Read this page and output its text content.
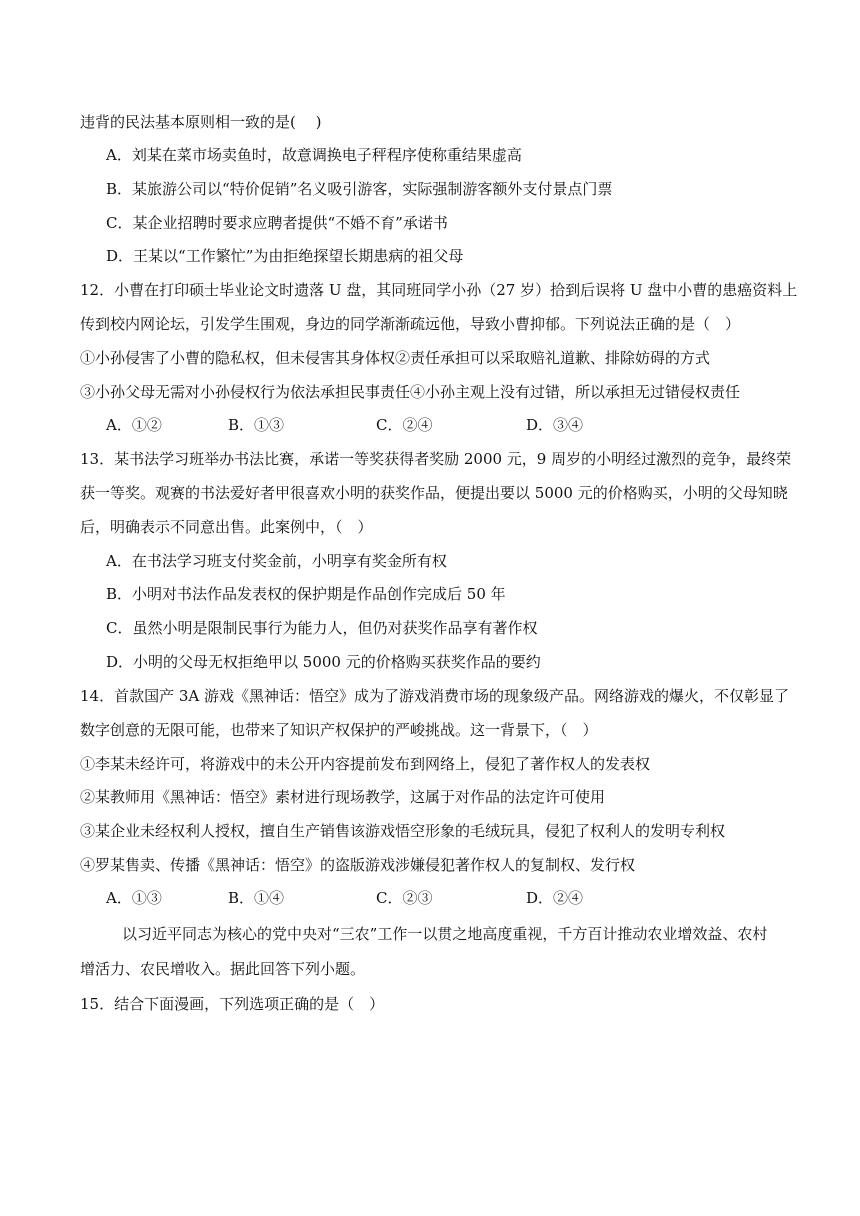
违背的民法基本原则相一致的是(　 )
A．刘某在菜市场卖鱼时，故意调换电子秤程序使称重结果虚高
B．某旅游公司以“特价促销”名义吸引游客，实际强制游客额外支付景点门票
C．某企业招聘时要求应聘者提供“不婚不育”承诺书
D．王某以“工作繁忙”为由拒绝探望长期患病的祖父母
12．小曹在打印硕士毕业论文时遗落 U 盘，其同班同学小孙（27 岁）拾到后误将 U 盘中小曹的患癌资料上
传到校内网论坛，引发学生围观，身边的同学渐渐疏远他，导致小曹抑郁。下列说法正确的是（　）
①小孙侵害了小曹的隐私权，但未侵害其身体权②责任承担可以采取赔礼道歉、排除妨碍的方式
③小孙父母无需对小孙侵权行为依法承担民事责任④小孙主观上没有过错，所以承担无过错侵权责任
A．①②	B．①③	C．②④	D．③④
13．某书法学习班举办书法比赛，承诺一等奖获得者奖励 2000 元，9 周岁的小明经过激烈的竞争，最终荣
获一等奖。观赛的书法爱好者甲很喜欢小明的获奖作品，便提出要以 5000 元的价格购买，小明的父母知晓
后，明确表示不同意出售。此案例中，（　）
A．在书法学习班支付奖金前，小明享有奖金所有权
B．小明对书法作品发表权的保护期是作品创作完成后 50 年
C．虽然小明是限制民事行为能力人，但仍对获奖作品享有著作权
D．小明的父母无权拒绝甲以 5000 元的价格购买获奖作品的要约
14．首款国产 3A 游戏《黑神话：悟空》成为了游戏消费市场的现象级产品。网络游戏的爆火，不仅彰显了
数字创意的无限可能，也带来了知识产权保护的严峻挑战。这一背景下，（　）
①李某未经许可，将游戏中的未公开内容提前发布到网络上，侵犯了著作权人的发表权
②某教师用《黑神话：悟空》素材进行现场教学，这属于对作品的法定许可使用
③某企业未经权利人授权，擅自生产销售该游戏悟空形象的毛绒玩具，侵犯了权利人的发明专利权
④罗某售卖、传播《黑神话：悟空》的盗版游戏涉嫌侵犯著作权人的复制权、发行权
A．①③	B．①④	C．②③	D．②④
以习近平同志为核心的党中央对“三农”工作一以贯之地高度重视，千方百计推动农业增效益、农村
增活力、农民增收入。据此回答下列小题。
15．结合下面漫画，下列选项正确的是（　）
